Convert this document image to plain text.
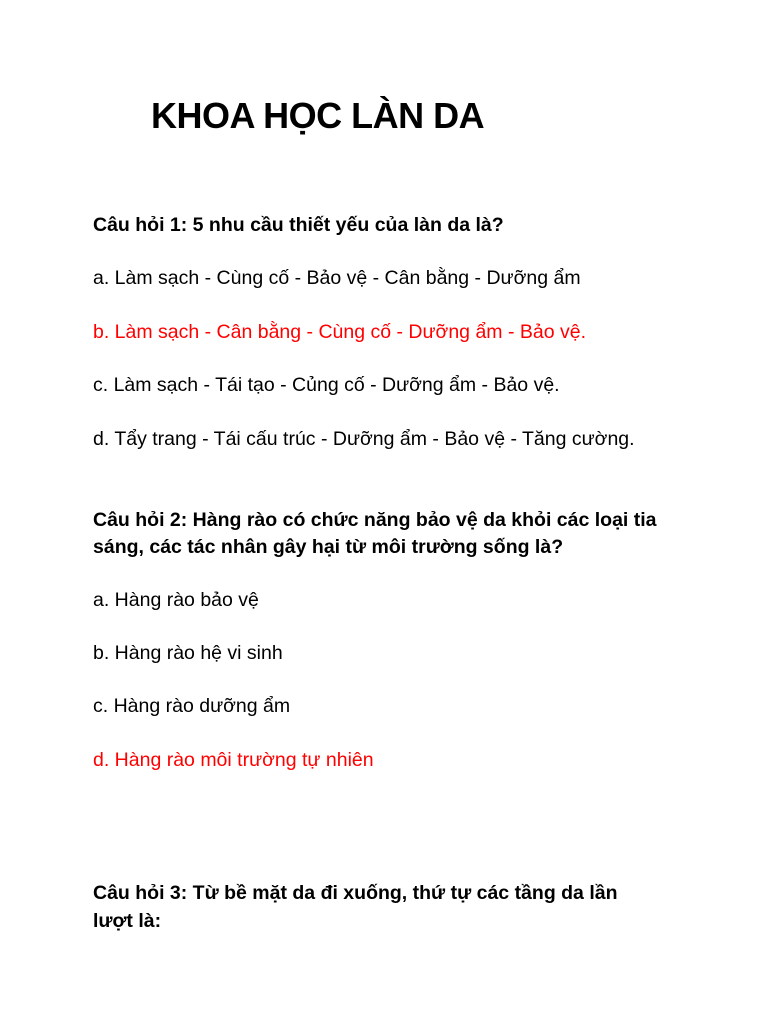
KHOA HỌC LÀN DA

Câu hỏi 1: 5 nhu cầu thiết yếu của làn da là?

a. Làm sạch - Cùng cố - Bảo vệ - Cân bằng - Dưỡng ẩm

b. Làm sạch - Cân bằng - Cùng cố - Dưỡng ẩm - Bảo vệ.

c. Làm sạch - Tái tạo - Củng cố - Dưỡng ẩm - Bảo vệ.

d. Tẩy trang - Tái cấu trúc - Dưỡng ẩm - Bảo vệ - Tăng cường.

Câu hỏi 2: Hàng rào có chức năng bảo vệ da khỏi các loại tia

sáng, các tác nhân gây hại từ môi trường sống là?

a. Hàng rào bảo vệ

b. Hàng rào hệ vi sinh

c. Hàng rào dưỡng ẩm

d. Hàng rào môi trường tự nhiên

Câu hỏi 3: Từ bề mặt da đi xuống, thứ tự các tầng da lần

lượt là:
